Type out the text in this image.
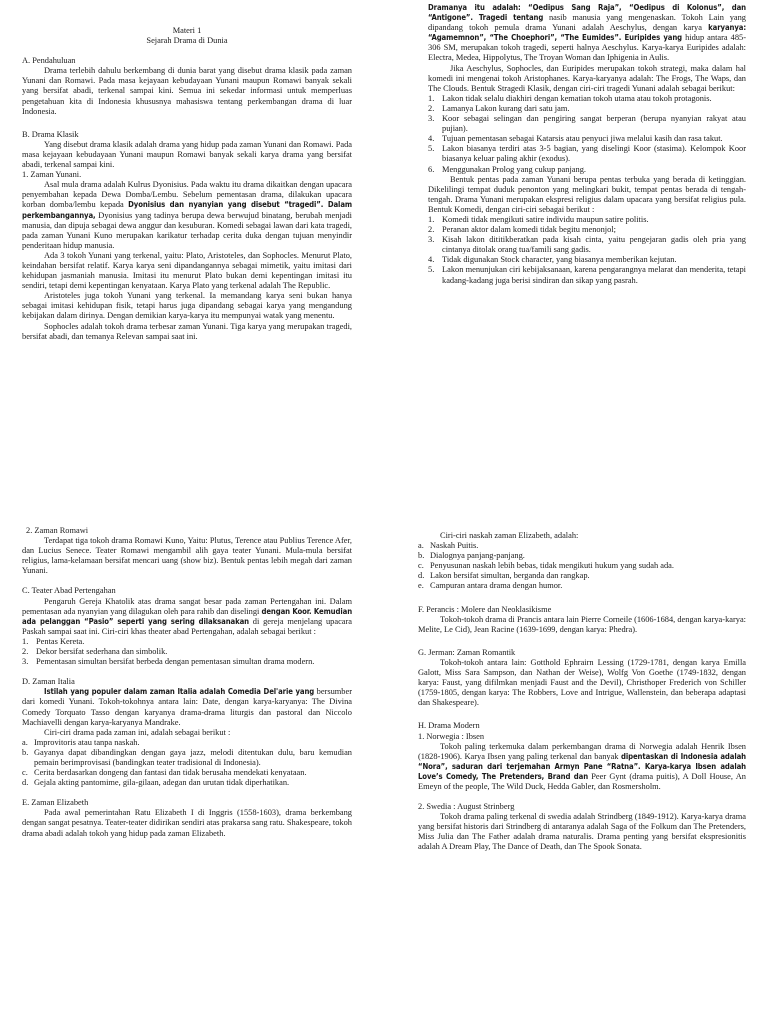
Materi 1

Sejarah Drama di Dunia

A. Pendahuluan

Drama terlebih dahulu berkembang di dunia barat yang disebut drama klasik pada zaman Yunani dan Romawi. Pada masa kejayaan kebudayaan Yunani maupun Romawi banyak sekali yang bersifat abadi, terkenal sampai kini. Semua ini sekedar informasi untuk memperluas pengetahuan kita di Indonesia khususnya mahasiswa tentang perkembangan drama di luar Indonesia.

B. Drama Klasik

Yang disebut drama klasik adalah drama yang hidup pada zaman Yunani dan Romawi. Pada masa kejayaan kebudayaan Yunani maupun Romawi banyak sekali karya drama yang bersifat abadi, terkenal sampai kini.

1. Zaman Yunani.

Asal mula drama adalah Kulrus Dyonisius. Pada waktu itu drama dikaitkan dengan upacara penyembahan kepada Dewa Domba/Lembu. Sebelum pementasan drama, dilakukan upacara korban domba/lembu kepada Dyonisius dan nyanyian yang disebut “tragedi”. Dalam perkembangannya, Dyonisius yang tadinya berupa dewa berwujud binatang, berubah menjadi manusia, dan dipuja sebagai dewa anggur dan kesuburan. Komedi sebagai lawan dari kata tragedi, pada zaman Yunani Kuno merupakan karikatur terhadap cerita duka dengan tujuan menyindir penderitaan hidup manusia.

Ada 3 tokoh Yunani yang terkenal, yaitu: Plato, Aristoteles, dan Sophocles. Menurut Plato, keindahan bersifat relatif. Karya karya seni dipandangannya sebagai mimetik, yaitu imitasi dari kehidupan jasmaniah manusia. Imitasi itu menurut Plato bukan demi kepentingan imitasi itu sendiri, tetapi demi kepentingan kenyataan. Karya Plato yang terkenal adalah The Republic.

Aristoteles juga tokoh Yunani yang terkenal. Ia memandang karya seni bukan hanya sebagai imitasi kehidupan fisik, tetapi harus juga dipandang sebagai karya yang mengandung kebijakan dalam dirinya. Dengan demikian karya-karya itu mempunyai watak yang menentu.

Sophocles adalah tokoh drama terbesar zaman Yunani. Tiga karya yang merupakan tragedi, bersifat abadi, dan temanya Relevan sampai saat ini.

Dramanya itu adalah: “Oedipus Sang Raja”, “Oedipus di Kolonus”, dan “Antigone”. Tragedi tentang nasib manusia yang mengenaskan. Tokoh Lain yang dipandang tokoh pemula drama Yunani adalah Aeschylus, dengan karya karyanya: “Agamemnon”, “The Choephori”, “The Eumides”. Euripides yang hidup antara 485-306 SM, merupakan tokoh tragedi, seperti halnya Aeschylus. Karya-karya Euripides adalah: Electra, Medea, Hippolytus, The Troyan Woman dan Iphigenia in Aulis.

Jika Aeschylus, Sophocles, dan Euripides merupakan tokoh strategi, maka dalam hal komedi ini mengenai tokoh Aristophanes. Karya-karyanya adalah: The Frogs, The Waps, dan The Clouds. Bentuk Stragedi Klasik, dengan ciri-ciri tragedi Yunani adalah sebagai berikut:

1. Lakon tidak selalu diakhiri dengan kematian tokoh utama atau tokoh protagonis.

2. Lamanya Lakon kurang dari satu jam.

3. Koor sebagai selingan dan pengiring sangat berperan (berupa nyanyian rakyat atau pujian).

4. Tujuan pementasan sebagai Katarsis atau penyuci jiwa melalui kasih dan rasa takut.

5. Lakon biasanya terdiri atas 3-5 bagian, yang diselingi Koor (stasima). Kelompok Koor biasanya keluar paling akhir (exodus).

6. Menggunakan Prolog yang cukup panjang.

Bentuk pentas pada zaman Yunani berupa pentas terbuka yang berada di ketinggian. Dikelilingi tempat duduk penonton yang melingkari bukit, tempat pentas berada di tengah-tengah. Drama Yunani merupakan ekspresi religius dalam upacara yang bersifat religius pula. Bentuk Komedi, dengan ciri-ciri sebagai berikut :

1. Komedi tidak mengikuti satire individu maupun satire politis.

2. Peranan aktor dalam komedi tidak begitu menonjol;

3. Kisah lakon dititikberatkan pada kisah cinta, yaitu pengejaran gadis oleh pria yang cintanya ditolak orang tua/famili sang gadis.

4. Tidak digunakan Stock character, yang biasanya memberikan kejutan.

5. Lakon menunjukan ciri kebijaksanaan, karena pengarangnya melarat dan menderita, tetapi kadang-kadang juga berisi sindiran dan sikap yang pasrah.

2. Zaman Romawi

Terdapat tiga tokoh drama Romawi Kuno, Yaitu: Plutus, Terence atau Publius Terence Afer, dan Lucius Senece. Teater Romawi mengambil alih gaya teater Yunani. Mula-mula bersifat religius, lama-kelamaan bersifat mencari uang (show biz). Bentuk pentas lebih megah dari zaman Yunani.

C. Teater Abad Pertengahan

Pengaruh Gereja Khatolik atas drama sangat besar pada zaman Pertengahan ini. Dalam pementasan ada nyanyian yang dilagukan oleh para rahib dan diselingi dengan Koor. Kemudian ada pelanggan “Pasio” seperti yang sering dilaksanakan di gereja menjelang upacara Paskah sampai saat ini. Ciri-ciri khas theater abad Pertengahan, adalah sebagai berikut :

1. Pentas Kereta.

2. Dekor bersifat sederhana dan simbolik.

3. Pementasan simultan bersifat berbeda dengan pementasan simultan drama modern.

D. Zaman Italia

Istilah yang populer dalam zaman Italia adalah Comedia Del'arie yang bersumber dari komedi Yunani. Tokoh-tokohnya antara lain: Date, dengan karya-karyanya: The Divina Comedy Torquato Tasso dengan karyanya drama-drama liturgis dan pastoral dan Niccolo Machiavelli dengan karya-karyanya Mandrake.

Ciri-ciri drama pada zaman ini, adalah sebagai berikut :

a. Improvitoris atau tanpa naskah.

b. Gayanya dapat dibandingkan dengan gaya jazz, melodi ditentukan dulu, baru kemudian pemain berimprovisasi (bandingkan teater tradisional di Indonesia).

c. Cerita berdasarkan dongeng dan fantasi dan tidak berusaha mendekati kenyataan.

d. Gejala akting pantomime, gila-gilaan, adegan dan urutan tidak diperhatikan.

E. Zaman Elizabeth

Pada awal pemerintahan Ratu Elizabeth I di Inggris (1558-1603), drama berkembang dengan sangat pesatnya. Teater-teater didirikan sendiri atas prakarsa sang ratu. Shakespeare, tokoh drama abadi adalah tokoh yang hidup pada zaman Elizabeth.

Ciri-ciri naskah zaman Elizabeth, adalah:

a. Naskah Puitis.

b. Dialognya panjang-panjang.

c. Penyusunan naskah lebih bebas, tidak mengikuti hukum yang sudah ada.

d. Lakon bersifat simultan, berganda dan rangkap.

e. Campuran antara drama dengan humor.

F. Perancis : Molere dan Neoklasikisme

Tokoh-tokoh drama di Prancis antara lain Pierre Corneile (1606-1684, dengan karya-karya: Melite, Le Cid), Jean Racine (1639-1699, dengan karya: Phedra).

G. Jerman: Zaman Romantik

Tokoh-tokoh antara lain: Gotthold Ephrairn Lessing (1729-1781, dengan karya Emilla Galott, Miss Sara Sampson, dan Nathan der Weise), Wolfg Von Goethe (1749-1832, dengan karya: Faust, yang difilmkan menjadi Faust and the Devil), Christhoper Frederich von Schiller (1759-1805, dengan karya: The Robbers, Love and Intrigue, Wallenstein, dan beberapa adaptasi dan Shakespeare).

H. Drama Modern

1. Norwegia : Ibsen

Tokoh paling terkemuka dalam perkembangan drama di Norwegia adalah Henrik Ibsen (1828-1906). Karya Ibsen yang paling terkenal dan banyak dipentaskan di Indonesia adalah “Nora”, saduran dari terjemahan Armyn Pane “Ratna”. Karya-karya Ibsen adalah Love’s Comedy, The Pretenders, Brand dan Peer Gynt (drama puitis), A Doll House, An Emeyn of the people, The Wild Duck, Hedda Gabler, dan Rosmersholm.

2. Swedia : August Strinberg

Tokoh drama paling terkenal di swedia adalah Strindberg (1849-1912). Karya-karya drama yang bersifat historis dari Strindberg di antaranya adalah Saga of the Folkum dan The Pretenders, Miss Julia dan The Father adalah drama naturalis. Drama penting yang bersifat ekspresionitis adalah A Dream Play, The Dance of Death, dan The Spook Sonata.
